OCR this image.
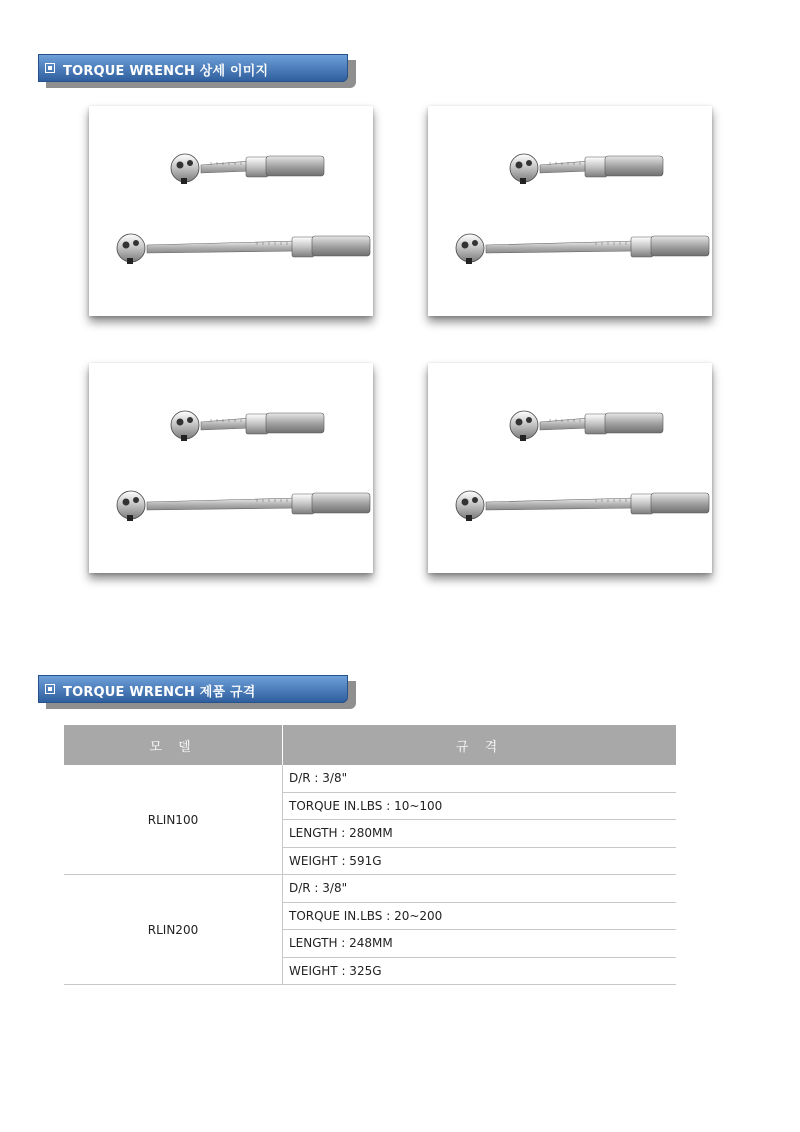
TORQUE WRENCH 상세 이미지
TORQUE WRENCH 제품 규격
모 델	규 격
RLIN100	D/R : 3/8"
	TORQUE IN.LBS : 10~100
	LENGTH : 280MM
	WEIGHT : 591G
RLIN200	D/R : 3/8"
	TORQUE IN.LBS : 20~200
	LENGTH : 248MM
	WEIGHT : 325G
